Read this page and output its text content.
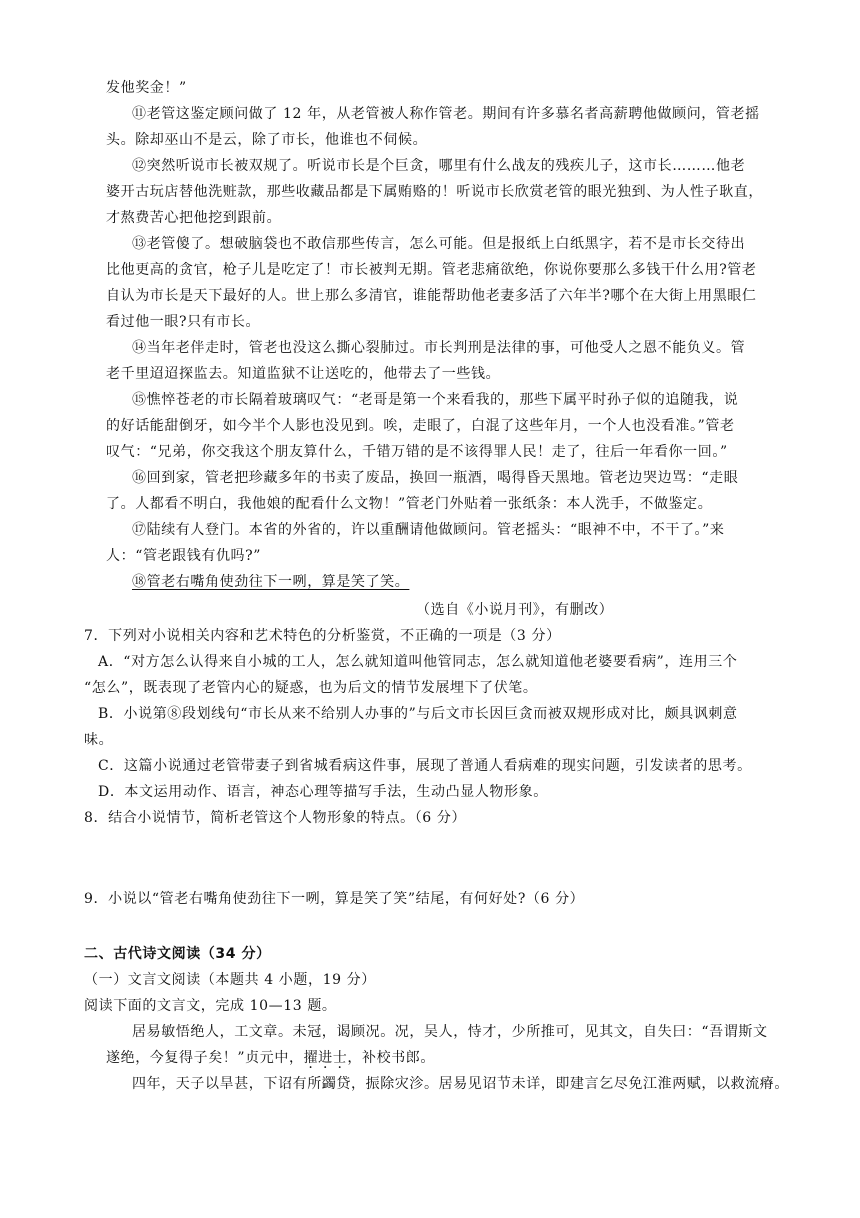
发他奖金！”
⑪老管这鉴定顾问做了 12 年，从老管被人称作管老。期间有许多慕名者高薪聘他做顾问，管老摇
头。除却巫山不是云，除了市长，他谁也不伺候。
⑫突然听说市长被双规了。听说市长是个巨贪，哪里有什么战友的残疾儿子，这市长………他老
婆开古玩店替他洗赃款，那些收藏品都是下属贿赂的！听说市长欣赏老管的眼光独到、为人性子耿直，
才熬费苦心把他挖到跟前。
⑬老管傻了。想破脑袋也不敢信那些传言，怎么可能。但是报纸上白纸黑字，若不是市长交待出
比他更高的贪官，枪子儿是吃定了！市长被判无期。管老悲痛欲绝，你说你要那么多钱干什么用?管老
自认为市长是天下最好的人。世上那么多清官，谁能帮助他老妻多活了六年半?哪个在大街上用黑眼仁
看过他一眼?只有市长。
⑭当年老伴走时，管老也没这么撕心裂肺过。市长判刑是法律的事，可他受人之恩不能负义。管
老千里迢迢探监去。知道监狱不让送吃的，他带去了一些钱。
⑮憔悴苍老的市长隔着玻璃叹气：“老哥是第一个来看我的，那些下属平时孙子似的追随我，说
的好话能甜倒牙，如今半个人影也没见到。唉，走眼了，白混了这些年月，一个人也没看准。”管老
叹气：“兄弟，你交我这个朋友算什么，千错万错的是不该得罪人民！走了，往后一年看你一回。”
⑯回到家，管老把珍藏多年的书卖了废品，换回一瓶酒，喝得昏天黑地。管老边哭边骂：“走眼
了。人都看不明白，我他娘的配看什么文物！”管老门外贴着一张纸条：本人洗手，不做鉴定。
⑰陆续有人登门。本省的外省的，许以重酬请他做顾问。管老摇头：“眼神不中，不干了。”来
人：“管老跟钱有仇吗?”
⑱管老右嘴角使劲往下一咧，算是笑了笑。
（选自《小说月刊》，有删改）
7．下列对小说相关内容和艺术特色的分析鉴赏，不正确的一项是（3 分）
A．“对方怎么认得来自小城的工人，怎么就知道叫他管同志，怎么就知道他老婆要看病”，连用三个
“怎么”，既表现了老管内心的疑惑，也为后文的情节发展埋下了伏笔。
B．小说第⑧段划线句“市长从来不给别人办事的”与后文市长因巨贪而被双规形成对比，颇具讽刺意
味。
C．这篇小说通过老管带妻子到省城看病这件事，展现了普通人看病难的现实问题，引发读者的思考。
D．本文运用动作、语言，神态心理等描写手法，生动凸显人物形象。
8．结合小说情节，简析老管这个人物形象的特点。（6 分）
9．小说以“管老右嘴角使劲往下一咧，算是笑了笑”结尾，有何好处?（6 分）
二、古代诗文阅读（34 分）
（一）文言文阅读（本题共 4 小题，19 分）
阅读下面的文言文，完成 10—13 题。
居易敏悟绝人，工文章。未冠，谒顾况。况，吴人，恃才，少所推可，见其文，自失曰：“吾谓斯文
遂绝，今复得子矣！”贞元中，擢进士，补校书郎。
四年，天子以旱甚，下诏有所蠲贷，振除灾沴。居易见诏节未详，即建言乞尽免江淮两赋，以救流瘠。
